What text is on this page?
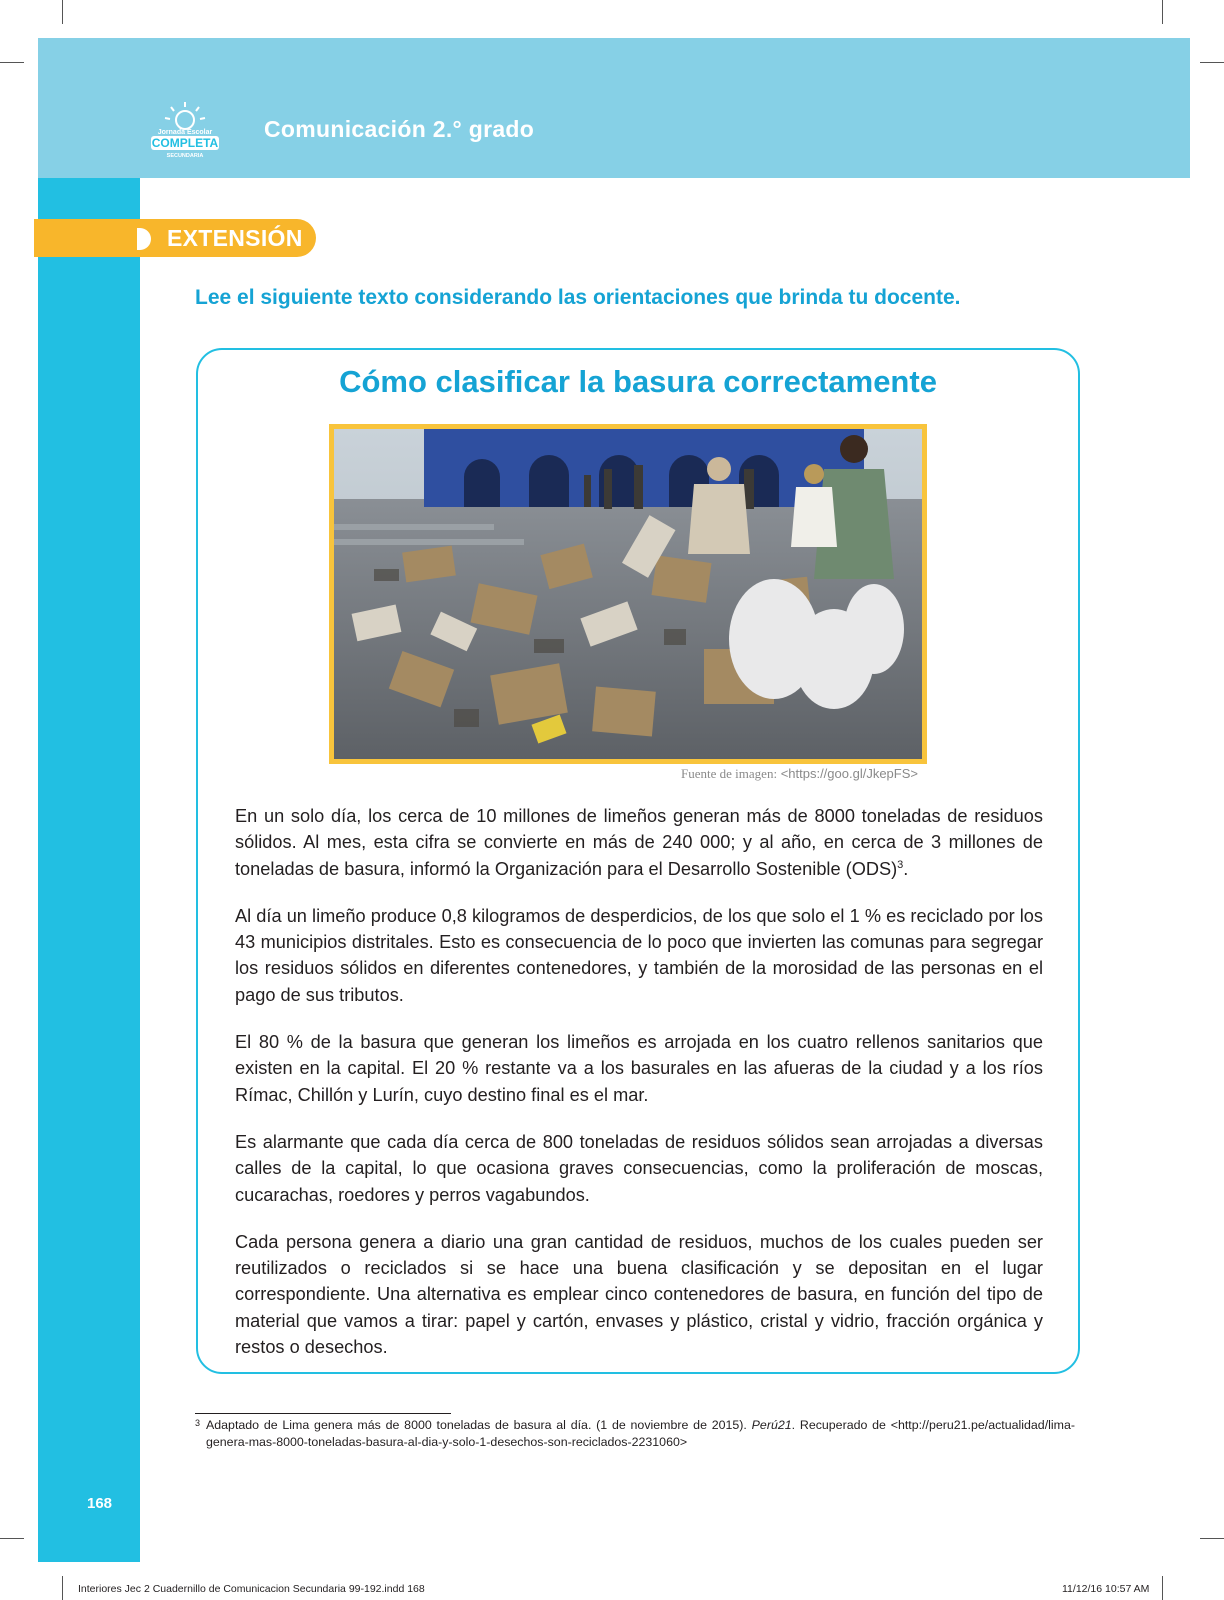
Jornada Escolar
COMPLETA
SECUNDARIA
Comunicación 2.° grado
EXTENSIÓN
Lee el siguiente texto considerando las orientaciones que brinda tu docente.
Cómo clasificar la basura correctamente
Fuente de imagen: <https://goo.gl/JkepFS>

En un solo día, los cerca de 10 millones de limeños generan más de 8000 toneladas de residuos sólidos. Al mes, esta cifra se convierte en más de 240 000; y al año, en cerca de 3 millones de toneladas de basura, informó la Organización para el Desarrollo Sostenible (ODS)$^3$.

Al día un limeño produce 0,8 kilogramos de desperdicios, de los que solo el 1 % es reciclado por los 43 municipios distritales. Esto es consecuencia de lo poco que invierten las comunas para segregar los residuos sólidos en diferentes contenedores, y también de la morosidad de las personas en el pago de sus tributos.

El 80 % de la basura que generan los limeños es arrojada en los cuatro rellenos sanitarios que existen en la capital. El 20 % restante va a los basurales en las afueras de la ciudad y a los ríos Rímac, Chillón y Lurín, cuyo destino final es el mar.

Es alarmante que cada día cerca de 800 toneladas de residuos sólidos sean arrojadas a diversas calles de la capital, lo que ocasiona graves consecuencias, como la proliferación de moscas, cucarachas, roedores y perros vagabundos.

Cada persona genera a diario una gran cantidad de residuos, muchos de los cuales pueden ser reutilizados o reciclados si se hace una buena clasificación y se depositan en el lugar correspondiente. Una alternativa es emplear cinco contenedores de basura, en función del tipo de material que vamos a tirar: papel y cartón, envases y plástico, cristal y vidrio, fracción orgánica y restos o desechos.

3 Adaptado de Lima genera más de 8000 toneladas de basura al día. (1 de noviembre de 2015). Perú21. Recuperado de <http://peru21.pe/actualidad/lima-genera-mas-8000-toneladas-basura-al-dia-y-solo-1-desechos-son-reciclados-2231060>
168
Interiores Jec 2 Cuadernillo de Comunicacion Secundaria 99-192.indd 168	11/12/16 10:57 AM
